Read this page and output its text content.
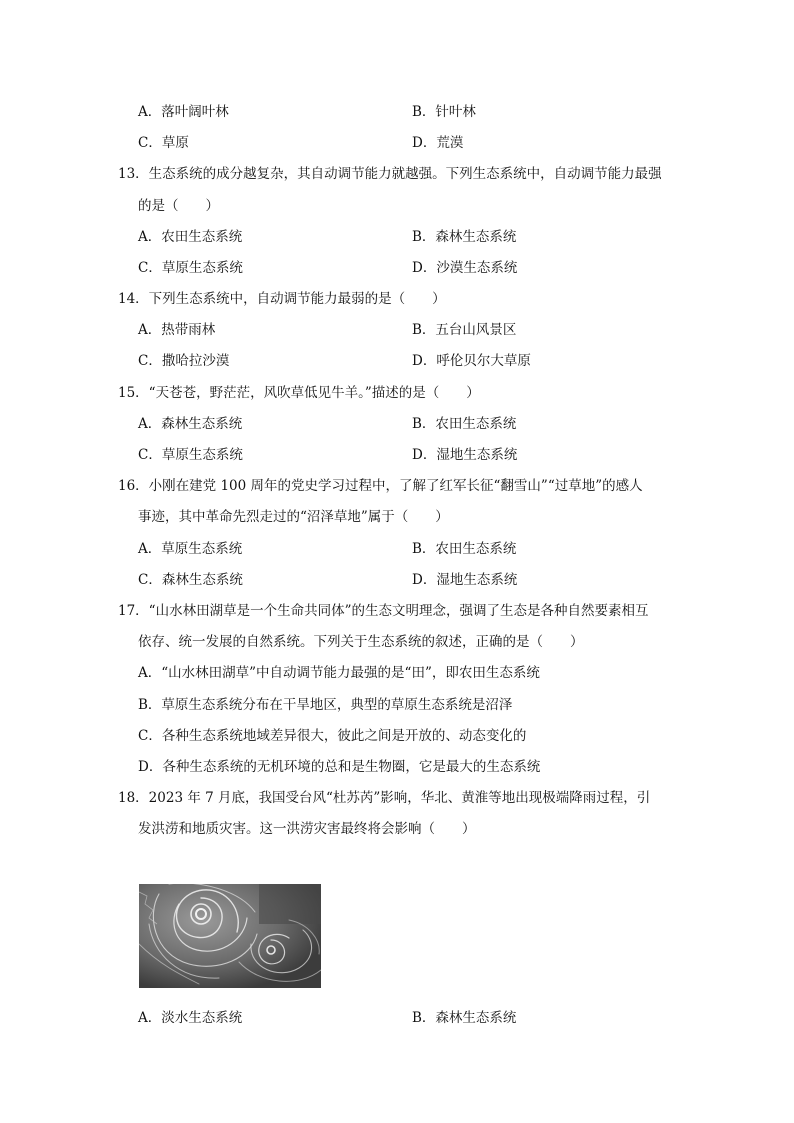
A．落叶阔叶林	B．针叶林
C．草原	D．荒漠
13．生态系统的成分越复杂，其自动调节能力就越强。下列生态系统中，自动调节能力最强
的是（　　）
A．农田生态系统	B．森林生态系统
C．草原生态系统	D．沙漠生态系统
14．下列生态系统中，自动调节能力最弱的是（　　）
A．热带雨林	B．五台山风景区
C．撒哈拉沙漠	D．呼伦贝尔大草原
15．“天苍苍，野茫茫，风吹草低见牛羊。”描述的是（　　）
A．森林生态系统	B．农田生态系统
C．草原生态系统	D．湿地生态系统
16．小刚在建党 100 周年的党史学习过程中，了解了红军长征“翻雪山”“过草地”的感人
事迹，其中革命先烈走过的“沼泽草地”属于（　　）
A．草原生态系统	B．农田生态系统
C．森林生态系统	D．湿地生态系统
17．“山水林田湖草是一个生命共同体”的生态文明理念，强调了生态是各种自然要素相互
依存、统一发展的自然系统。下列关于生态系统的叙述，正确的是（　　）
A．“山水林田湖草”中自动调节能力最强的是“田”，即农田生态系统
B．草原生态系统分布在干旱地区，典型的草原生态系统是沼泽
C．各种生态系统地域差异很大，彼此之间是开放的、动态变化的
D．各种生态系统的无机环境的总和是生物圈，它是最大的生态系统
18．2023 年 7 月底，我国受台风“杜苏芮”影响，华北、黄淮等地出现极端降雨过程，引
发洪涝和地质灾害。这一洪涝灾害最终将会影响（　　）
A．淡水生态系统	B．森林生态系统
